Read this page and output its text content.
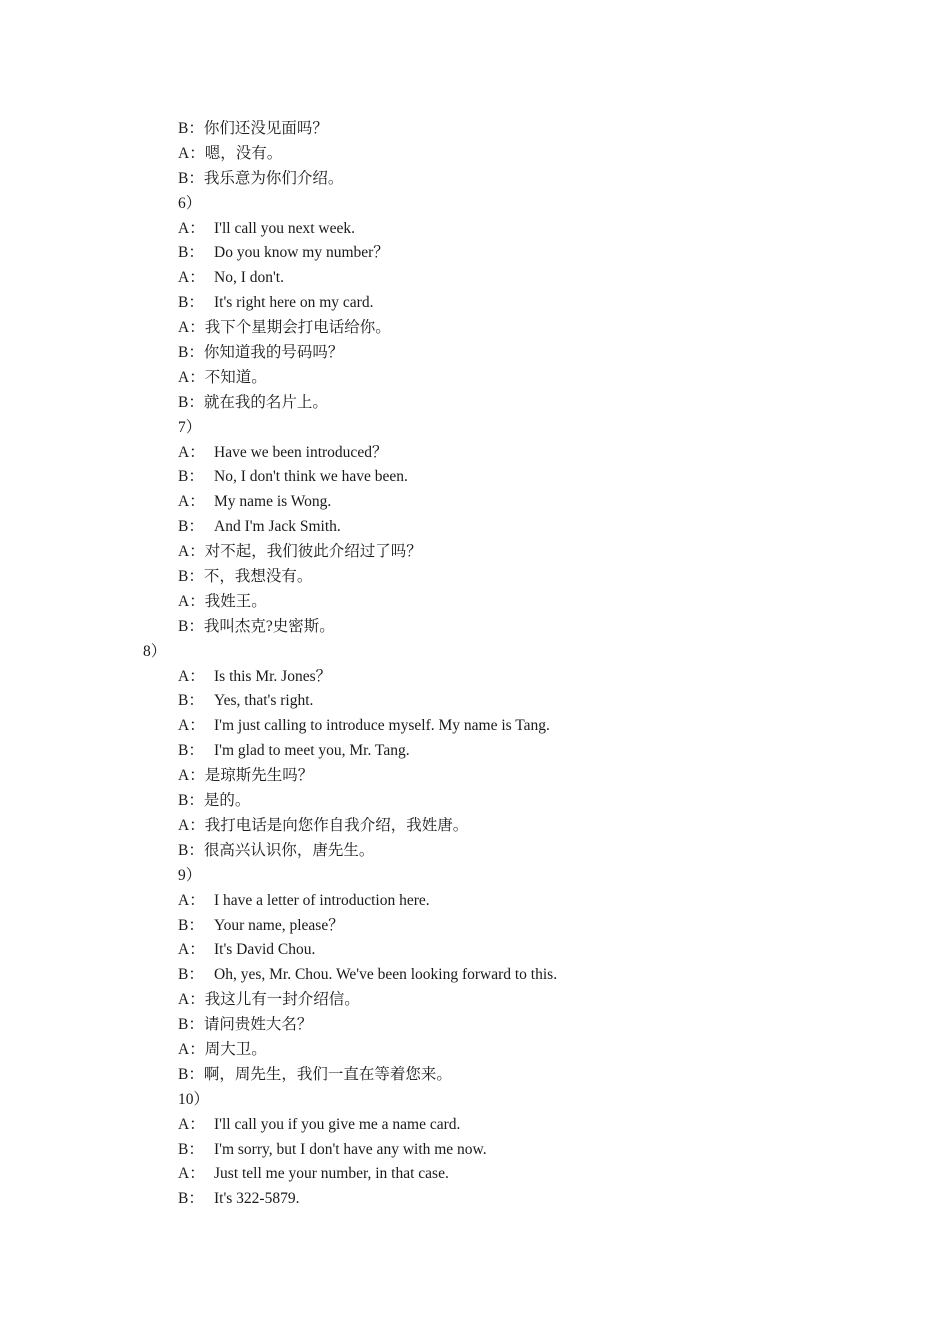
B：你们还没见面吗？
A：嗯，没有。
B：我乐意为你们介绍。
6）
A： I'll call you next week.
B： Do you know my number？
A： No, I don't.
B： It's right here on my card.
A：我下个星期会打电话给你。
B：你知道我的号码吗？
A：不知道。
B：就在我的名片上。
7）
A： Have we been introduced？
B： No, I don't think we have been.
A： My name is Wong.
B： And I'm Jack Smith.
A：对不起，我们彼此介绍过了吗？
B：不，我想没有。
A：我姓王。
B：我叫杰克?史密斯。
8）
A： Is this Mr. Jones？
B： Yes, that's right.
A： I'm just calling to introduce myself. My name is Tang.
B： I'm glad to meet you, Mr. Tang.
A：是琼斯先生吗？
B：是的。
A：我打电话是向您作自我介绍，我姓唐。
B：很高兴认识你，唐先生。
9）
A： I have a letter of introduction here.
B： Your name, please？
A： It's David Chou.
B： Oh, yes, Mr. Chou. We've been looking forward to this.
A：我这儿有一封介绍信。
B：请问贵姓大名？
A：周大卫。
B：啊，周先生，我们一直在等着您来。
10）
A： I'll call you if you give me a name card.
B： I'm sorry, but I don't have any with me now.
A： Just tell me your number, in that case.
B： It's 322-5879.
